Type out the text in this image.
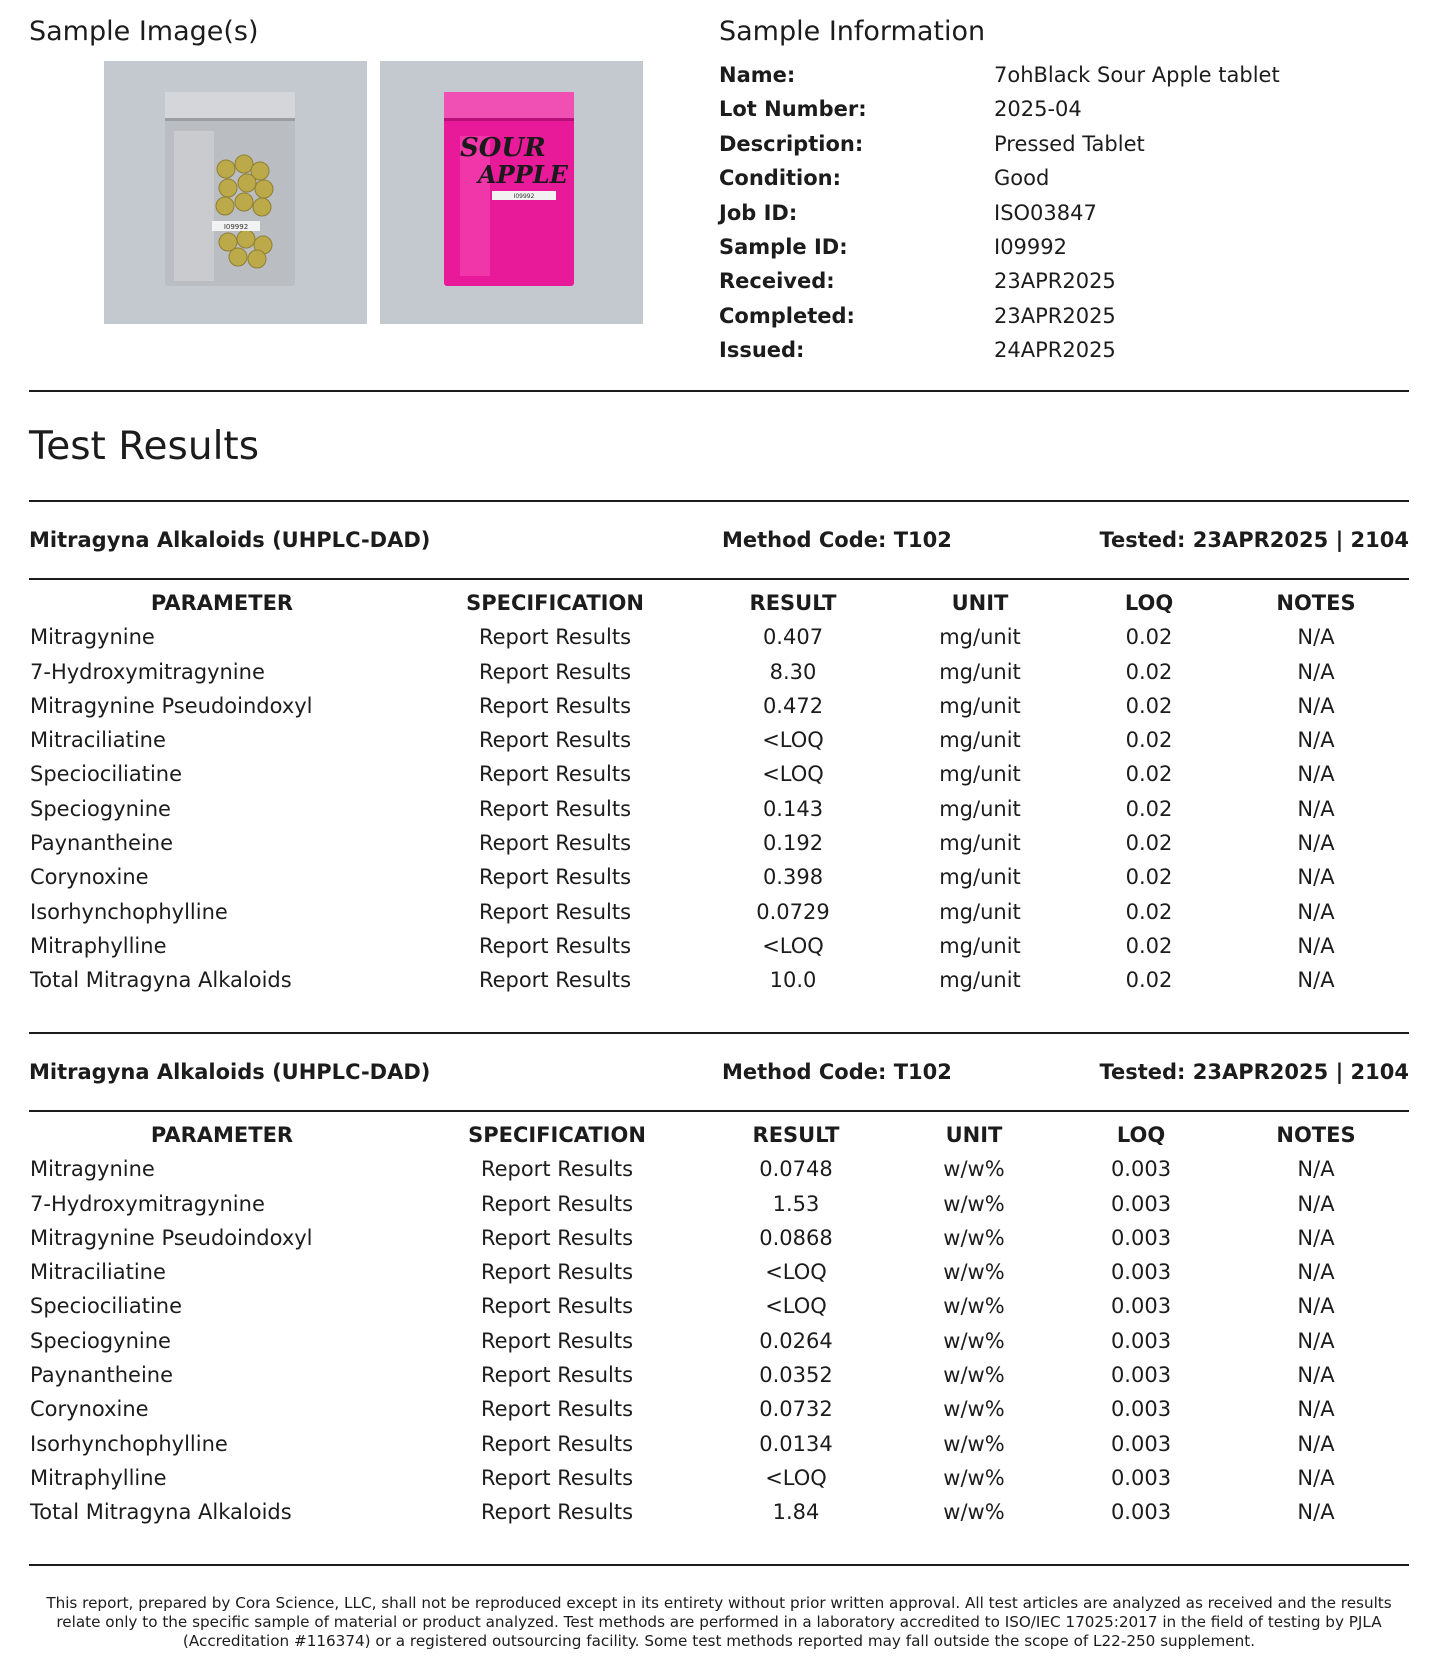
Sample Image(s)
I09992
SOUR
APPLE
I09992
Sample Information
Name:	7ohBlack Sour Apple tablet
Lot Number:	2025-04
Description:	Pressed Tablet
Condition:	Good
Job ID:	ISO03847
Sample ID:	I09992
Received:	23APR2025
Completed:	23APR2025
Issued:	24APR2025
Test Results
Mitragyna Alkaloids (UHPLC-DAD)	Method Code: T102	Tested: 23APR2025 | 2104
PARAMETER	SPECIFICATION	RESULT	UNIT	LOQ	NOTES
Mitragynine	Report Results	0.407	mg/unit	0.02	N/A
7-Hydroxymitragynine	Report Results	8.30	mg/unit	0.02	N/A
Mitragynine Pseudoindoxyl	Report Results	0.472	mg/unit	0.02	N/A
Mitraciliatine	Report Results	<LOQ	mg/unit	0.02	N/A
Speciociliatine	Report Results	<LOQ	mg/unit	0.02	N/A
Speciogynine	Report Results	0.143	mg/unit	0.02	N/A
Paynantheine	Report Results	0.192	mg/unit	0.02	N/A
Corynoxine	Report Results	0.398	mg/unit	0.02	N/A
Isorhynchophylline	Report Results	0.0729	mg/unit	0.02	N/A
Mitraphylline	Report Results	<LOQ	mg/unit	0.02	N/A
Total Mitragyna Alkaloids	Report Results	10.0	mg/unit	0.02	N/A
Mitragyna Alkaloids (UHPLC-DAD)	Method Code: T102	Tested: 23APR2025 | 2104
PARAMETER	SPECIFICATION	RESULT	UNIT	LOQ	NOTES
Mitragynine	Report Results	0.0748	w/w%	0.003	N/A
7-Hydroxymitragynine	Report Results	1.53	w/w%	0.003	N/A
Mitragynine Pseudoindoxyl	Report Results	0.0868	w/w%	0.003	N/A
Mitraciliatine	Report Results	<LOQ	w/w%	0.003	N/A
Speciociliatine	Report Results	<LOQ	w/w%	0.003	N/A
Speciogynine	Report Results	0.0264	w/w%	0.003	N/A
Paynantheine	Report Results	0.0352	w/w%	0.003	N/A
Corynoxine	Report Results	0.0732	w/w%	0.003	N/A
Isorhynchophylline	Report Results	0.0134	w/w%	0.003	N/A
Mitraphylline	Report Results	<LOQ	w/w%	0.003	N/A
Total Mitragyna Alkaloids	Report Results	1.84	w/w%	0.003	N/A
This report, prepared by Cora Science, LLC, shall not be reproduced except in its entirety without prior written approval. All test articles are analyzed as received and the results relate only to the specific sample of material or product analyzed. Test methods are performed in a laboratory accredited to ISO/IEC 17025:2017 in the field of testing by PJLA (Accreditation #116374) or a registered outsourcing facility. Some test methods reported may fall outside the scope of L22-250 supplement.
